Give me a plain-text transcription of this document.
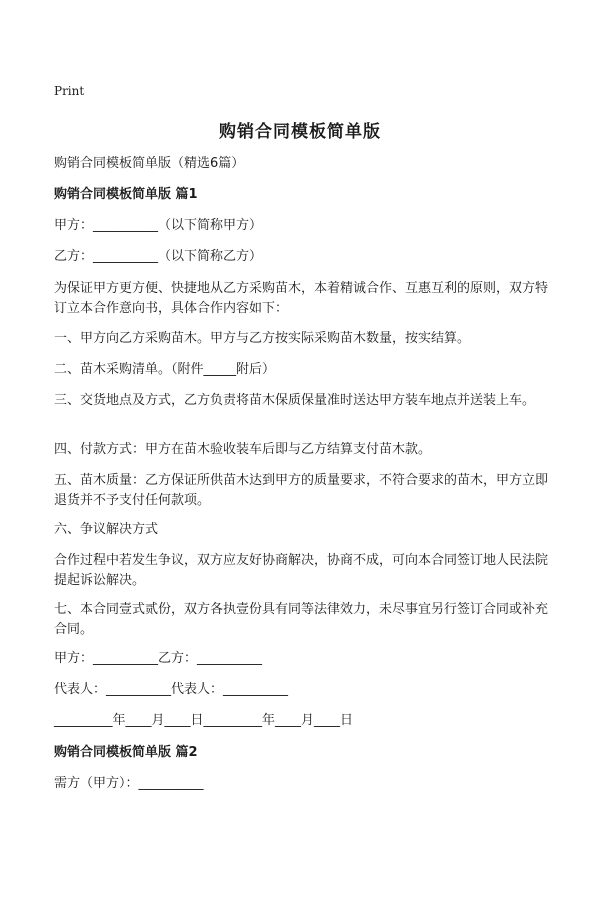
Print
购销合同模板简单版

购销合同模板简单版（精选6篇）

购销合同模板简单版 篇1

甲方：__________（以下简称甲方）

乙方：__________（以下简称乙方）

为保证甲方更方便、快捷地从乙方采购苗木，本着精诚合作、互惠互利的原则，双方特订立本合作意向书，具体合作内容如下：

一、甲方向乙方采购苗木。甲方与乙方按实际采购苗木数量，按实结算。

二、苗木采购清单。（附件_____附后）

三、交货地点及方式，乙方负责将苗木保质保量准时送达甲方装车地点并送装上车。

四、付款方式：甲方在苗木验收装车后即与乙方结算支付苗木款。

五、苗木质量：乙方保证所供苗木达到甲方的质量要求，不符合要求的苗木，甲方立即退货并不予支付任何款项。

六、争议解决方式

合作过程中若发生争议，双方应友好协商解决，协商不成，可向本合同签订地人民法院提起诉讼解决。

七、本合同壹式贰份，双方各执壹份具有同等法律效力，未尽事宜另行签订合同或补充合同。

甲方：__________乙方：__________

代表人：__________代表人：__________

_________年____月____日_________年____月____日

购销合同模板简单版 篇2

需方（甲方）：__________
